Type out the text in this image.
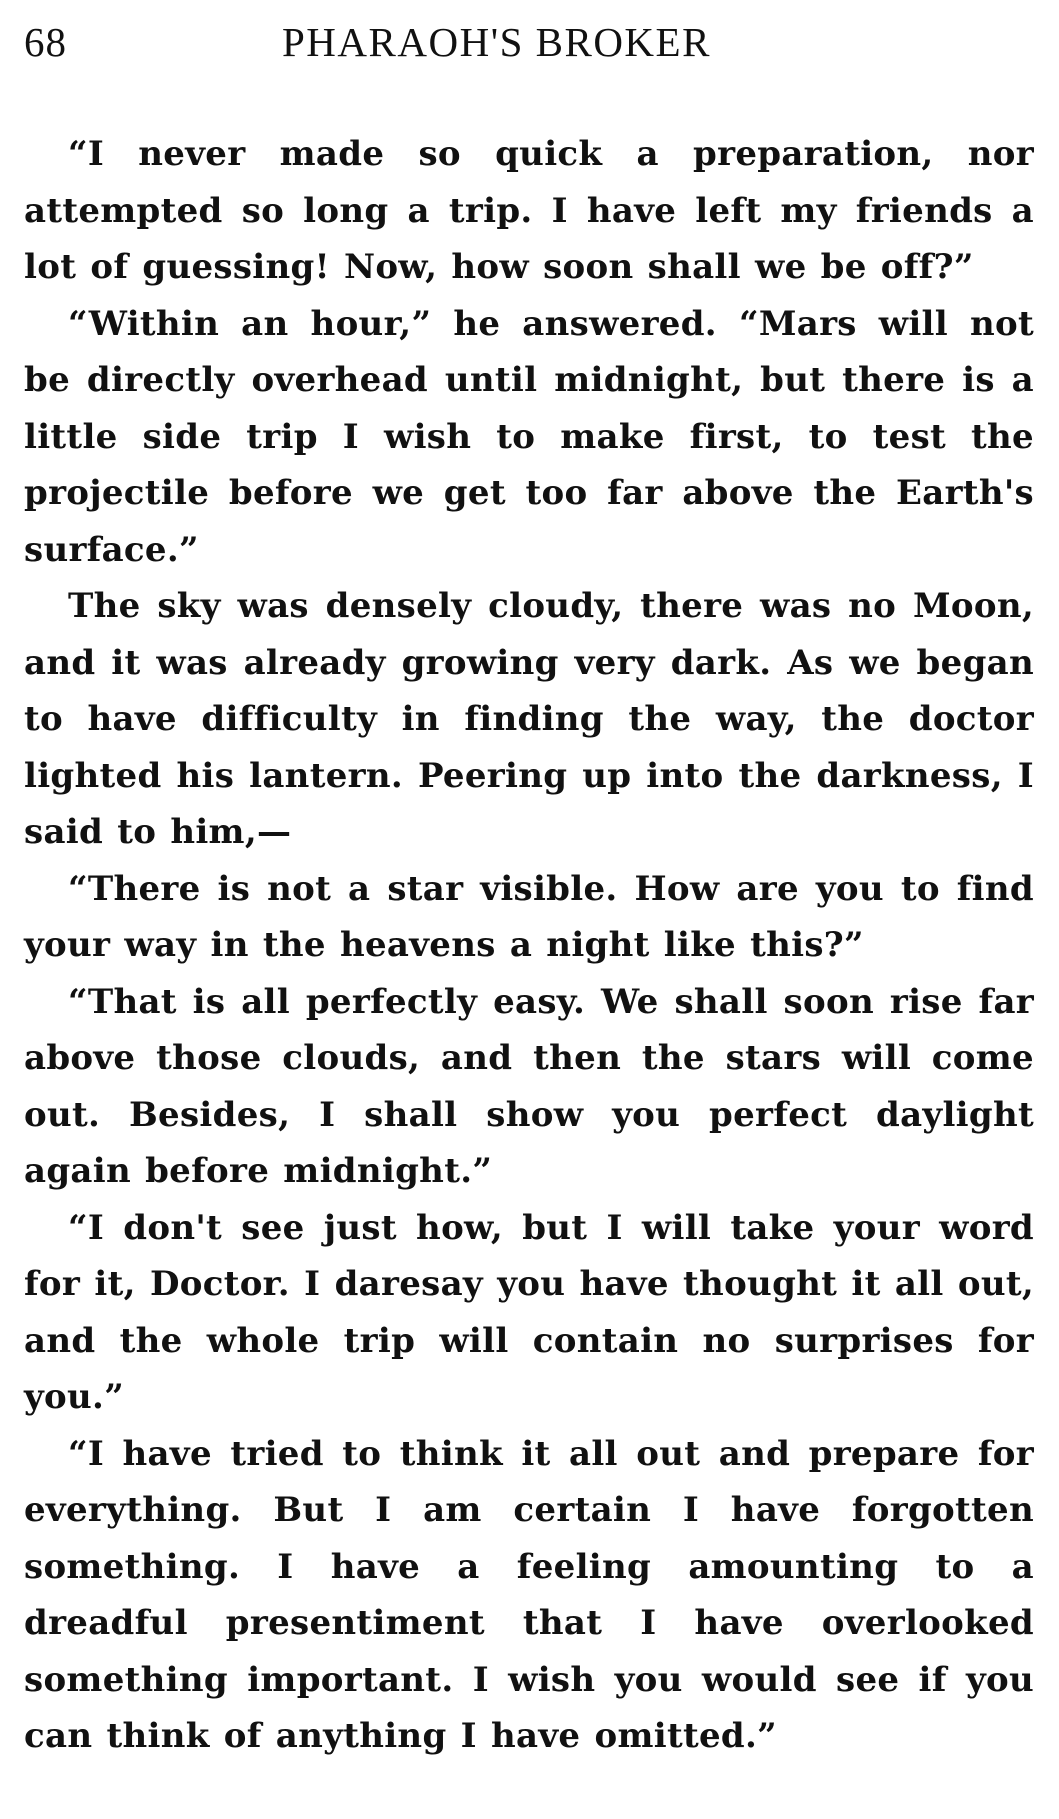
68	PHARAOH'S BROKER

“I never made so quick a preparation, nor attempted so long a trip. I have left my friends a lot of guessing! Now, how soon shall we be off?”

“Within an hour,” he answered. “Mars will not be directly overhead until midnight, but there is a little side trip I wish to make first, to test the projectile before we get too far above the Earth's surface.”

The sky was densely cloudy, there was no Moon, and it was already growing very dark. As we began to have difficulty in finding the way, the doctor lighted his lantern. Peering up into the darkness, I said to him,—

“There is not a star visible. How are you to find your way in the heavens a night like this?”

“That is all perfectly easy. We shall soon rise far above those clouds, and then the stars will come out. Besides, I shall show you perfect daylight again before midnight.”

“I don't see just how, but I will take your word for it, Doctor. I daresay you have thought it all out, and the whole trip will contain no surprises for you.”

“I have tried to think it all out and prepare for everything. But I am certain I have forgotten something. I have a feeling amounting to a dreadful presentiment that I have overlooked something important. I wish you would see if you can think of anything I have omitted.”
